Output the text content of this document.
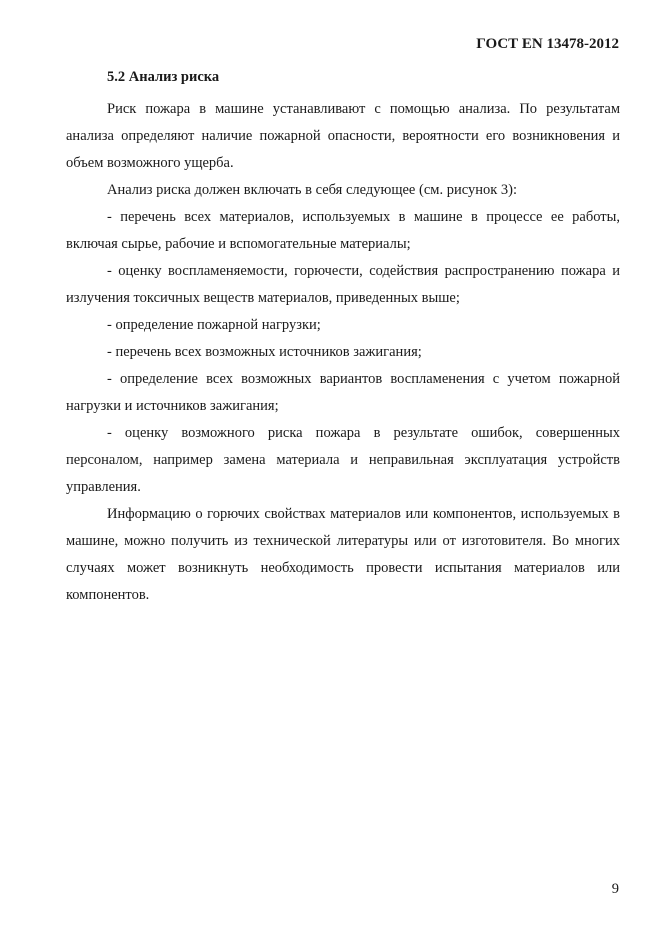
ГОСТ EN 13478-2012

5.2 Анализ риска

Риск пожара в машине устанавливают с помощью анализа. По результатам анализа определяют наличие пожарной опасности, вероятности его возникновения и объем возможного ущерба.

Анализ риска должен включать в себя следующее (см. рисунок 3):

- перечень всех материалов, используемых в машине в процессе ее работы, включая сырье, рабочие и вспомогательные материалы;

- оценку воспламеняемости, горючести, содействия распространению пожара и излучения токсичных веществ материалов, приведенных выше;

- определение пожарной нагрузки;

- перечень всех возможных источников зажигания;

- определение всех возможных вариантов воспламенения с учетом пожарной нагрузки и источников зажигания;

- оценку возможного риска пожара в результате ошибок, совершенных персоналом, например замена материала и неправильная эксплуатация устройств управления.

Информацию о горючих свойствах материалов или компонентов, используемых в машине, можно получить из технической литературы или от изготовителя. Во многих случаях может возникнуть необходимость провести испытания материалов или компонентов.

9
